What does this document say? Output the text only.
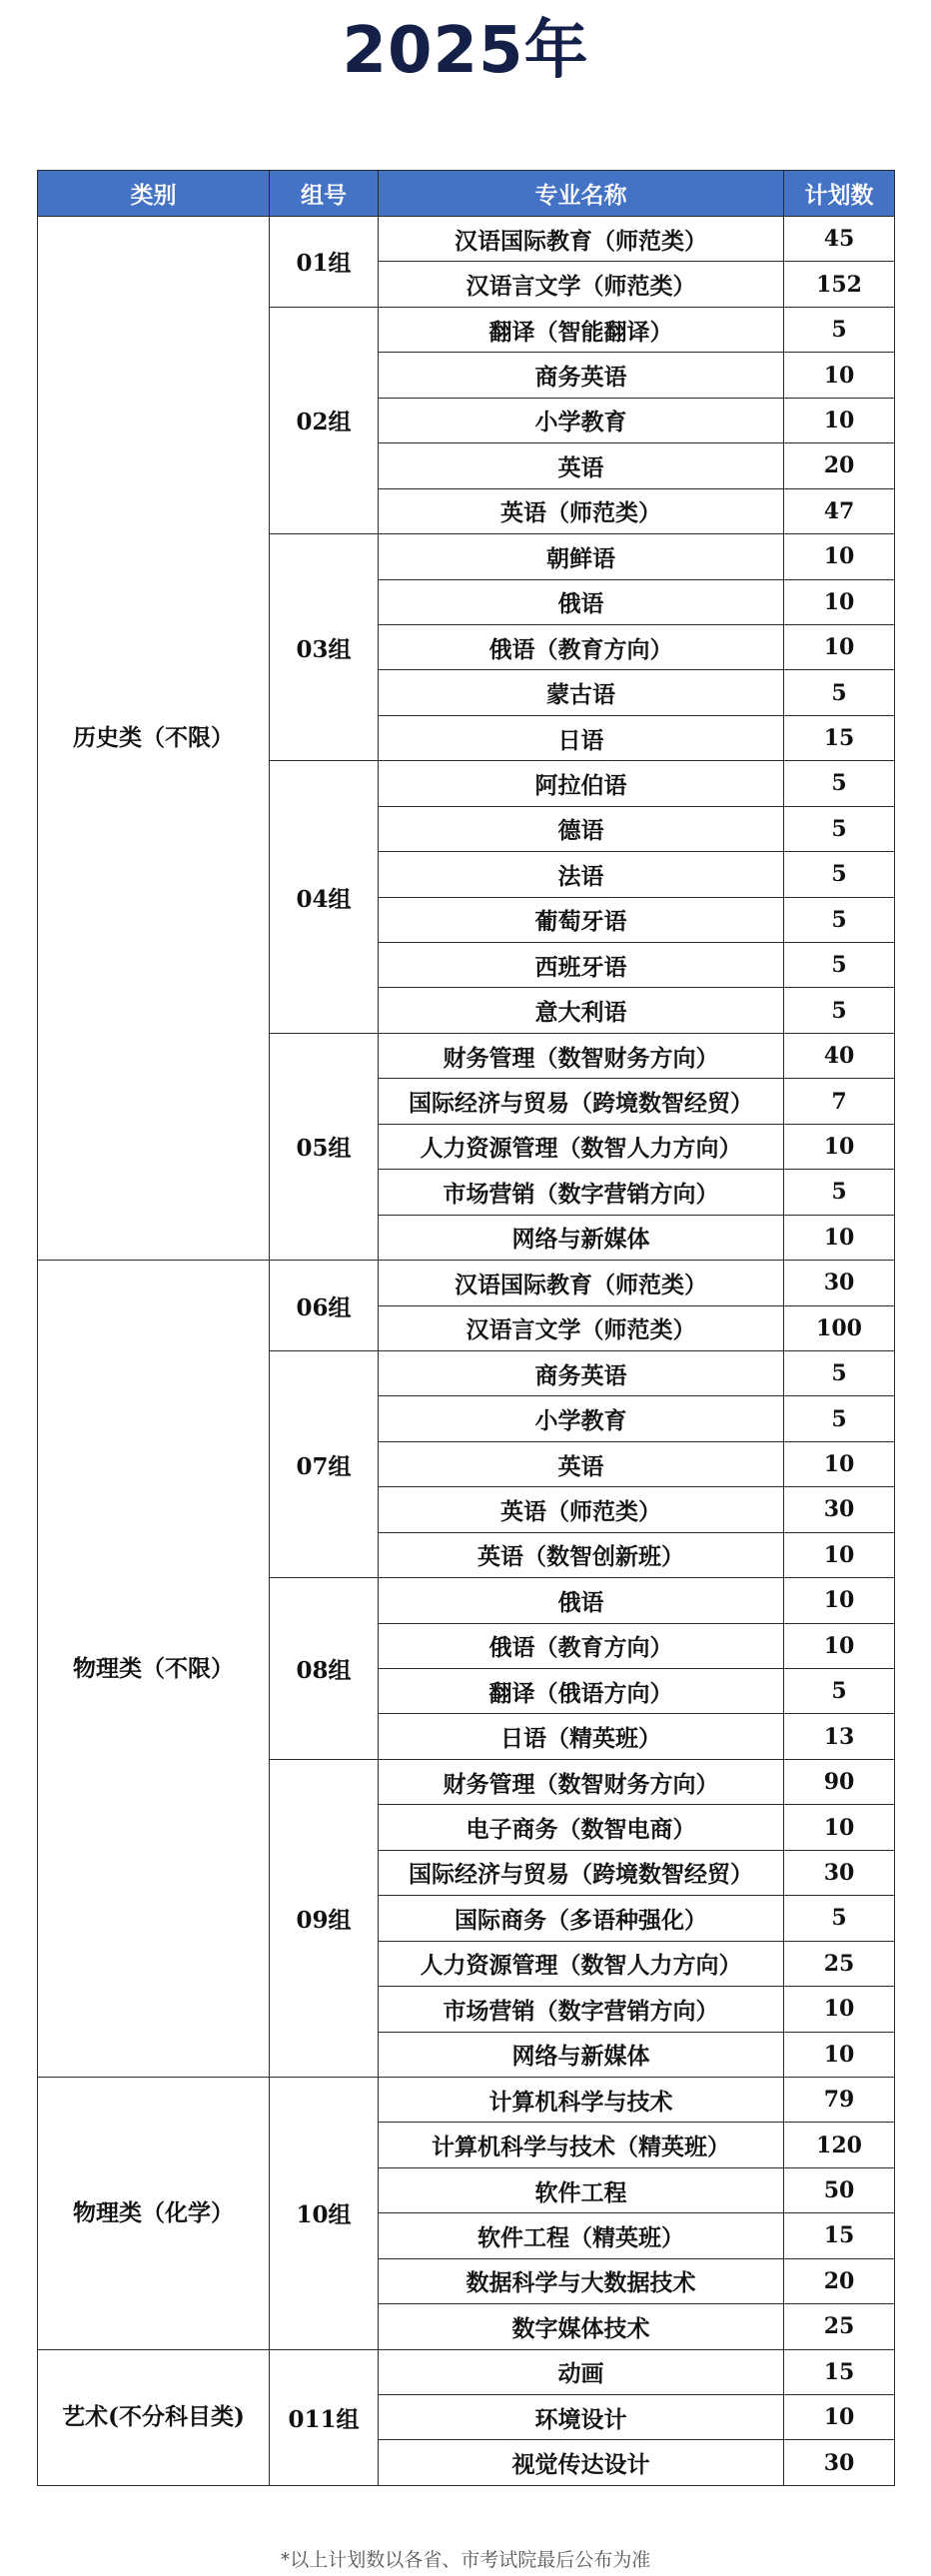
2025年
类别	组号	专业名称	计划数
历史类（不限）	01组	汉语国际教育（师范类）	45
		汉语言文学（师范类）	152
	02组	翻译（智能翻译）	5
		商务英语	10
		小学教育	10
		英语	20
		英语（师范类）	47
	03组	朝鲜语	10
		俄语	10
		俄语（教育方向）	10
		蒙古语	5
		日语	15
	04组	阿拉伯语	5
		德语	5
		法语	5
		葡萄牙语	5
		西班牙语	5
		意大利语	5
	05组	财务管理（数智财务方向）	40
		国际经济与贸易（跨境数智经贸）	7
		人力资源管理（数智人力方向）	10
		市场营销（数字营销方向）	5
		网络与新媒体	10
物理类（不限）	06组	汉语国际教育（师范类）	30
		汉语言文学（师范类）	100
	07组	商务英语	5
		小学教育	5
		英语	10
		英语（师范类）	30
		英语（数智创新班）	10
	08组	俄语	10
		俄语（教育方向）	10
		翻译（俄语方向）	5
		日语（精英班）	13
	09组	财务管理（数智财务方向）	90
		电子商务（数智电商）	10
		国际经济与贸易（跨境数智经贸）	30
		国际商务（多语种强化）	5
		人力资源管理（数智人力方向）	25
		市场营销（数字营销方向）	10
		网络与新媒体	10
物理类（化学）	10组	计算机科学与技术	79
		计算机科学与技术（精英班）	120
		软件工程	50
		软件工程（精英班）	15
		数据科学与大数据技术	20
		数字媒体技术	25
艺术(不分科目类)	011组	动画	15
		环境设计	10
		视觉传达设计	30
*以上计划数以各省、市考试院最后公布为准
